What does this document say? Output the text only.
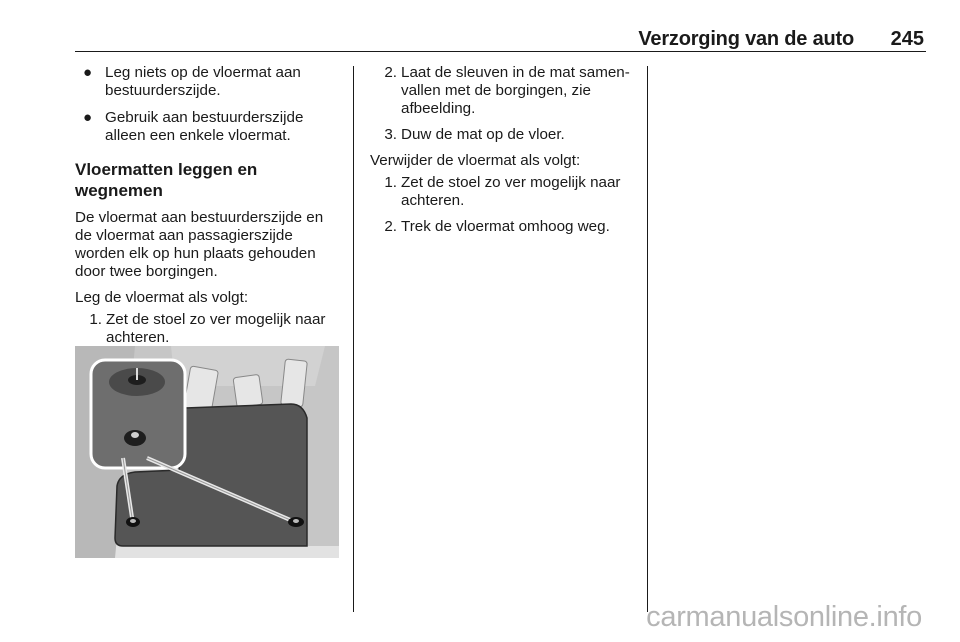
Verzorging van de auto 245
● Leg niets op de vloermat aan bestuurderszijde.
● Gebruik aan bestuurderszijde alleen een enkele vloermat.
Vloermatten leggen en wegnemen
De vloermat aan bestuurderszijde en de vloermat aan passagierszijde worden elk op hun plaats gehouden door twee borgingen.
Leg de vloermat als volgt:
1. Zet de stoel zo ver mogelijk naar achteren.
2. Laat de sleuven in de mat samen-vallen met de borgingen, zie afbeelding.
3. Duw de mat op de vloer.
Verwijder de vloermat als volgt:
1. Zet de stoel zo ver mogelijk naar achteren.
2. Trek de vloermat omhoog weg.
carmanualsonline.info
